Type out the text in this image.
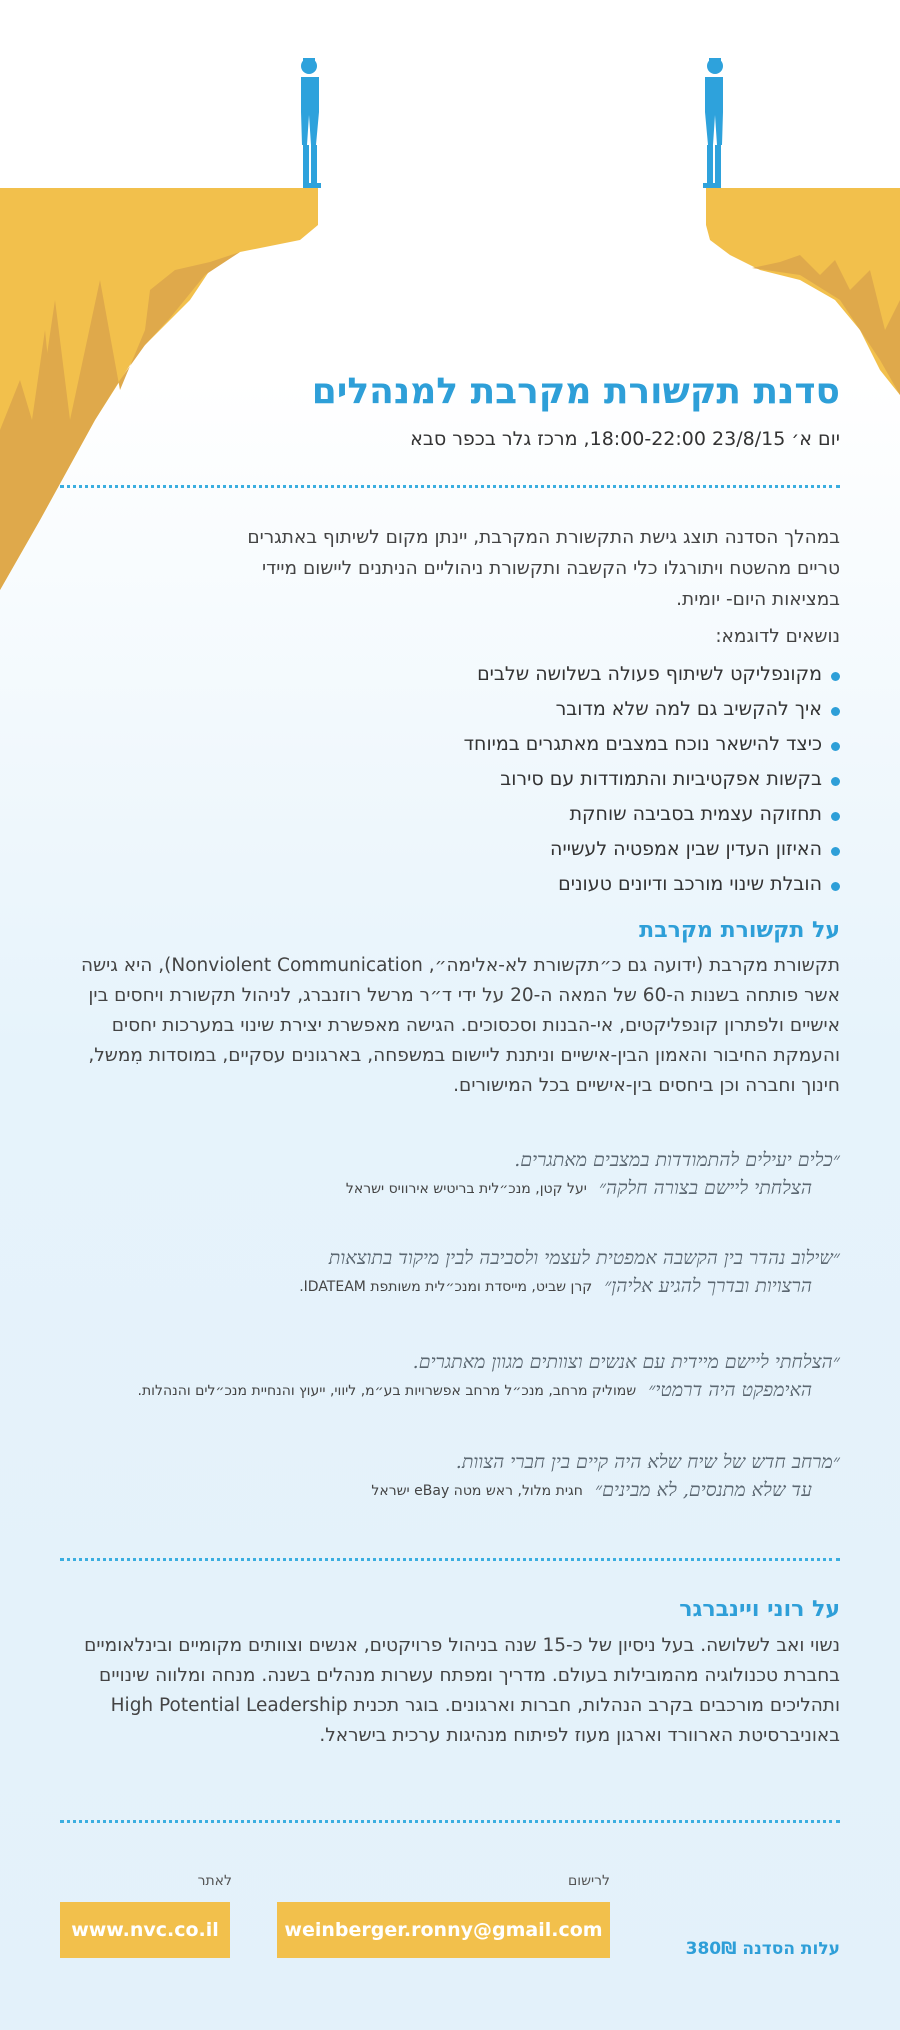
סדנת תקשורת מקרבת למנהלים
יום א׳ 23/8/15 18:00-22:00, מרכז גלר בכפר סבא
במהלך הסדנה תוצג גישת התקשורת המקרבת, יינתן מקום לשיתוף באתגרים טריים מהשטח ויתורגלו כלי הקשבה ותקשורת ניהוליים הניתנים ליישום מיידי במציאות היום- יומית.
נושאים לדוגמא:
מקונפליקט לשיתוף פעולה בשלושה שלבים
איך להקשיב גם למה שלא מדובר
כיצד להישאר נוכח במצבים מאתגרים במיוחד
בקשות אפקטיביות והתמודדות עם סירוב
תחזוקה עצמית בסביבה שוחקת
האיזון העדין שבין אמפטיה לעשייה
הובלת שינוי מורכב ודיונים טעונים
על תקשורת מקרבת
תקשורת מקרבת (ידועה גם כ״תקשורת לא-אלימה״, Nonviolent Communication), היא גישה אשר פותחה בשנות ה-60 של המאה ה-20 על ידי ד״ר מרשל רוזנברג, לניהול תקשורת ויחסים בין אישיים ולפתרון קונפליקטים, אי-הבנות וסכסוכים. הגישה מאפשרת יצירת שינוי במערכות יחסים והעמקת החיבור והאמון הבין-אישיים וניתנת ליישום במשפחה, בארגונים עסקיים, במוסדות מִמשל, חינוך וחברה וכן ביחסים בין-אישיים בכל המישורים.
״כלים יעילים להתמודדות במצבים מאתגרים.
הצלחתי ליישם בצורה חלקה״
יעל קטן, מנכ״לית בריטיש אירוויס ישראל
״שילוב נהדר בין הקשבה אמפטית לעצמי ולסביבה לבין מיקוד בתוצאות
הרצויות ובדרך להגיע אליהן״
קרן שביט, מייסדת ומנכ״לית משותפת IDATEAM.
״הצלחתי ליישם מיידית עם אנשים וצוותים מגוון מאתגרים.
האימפקט היה דרמטי״
שמוליק מרחב, מנכ״ל מרחב אפשרויות בע״מ, ליווי, ייעוץ והנחיית מנכ״לים והנהלות.
״מרחב חדש של שיח שלא היה קיים בין חברי הצוות.
עד שלא מתנסים, לא מבינים״
חגית מלול, ראש מטה eBay ישראל
על רוני ויינברגר
נשוי ואב לשלושה. בעל ניסיון של כ-15 שנה בניהול פרויקטים, אנשים וצוותים מקומיים ובינלאומיים בחברת טכנולוגיה מהמובילות בעולם. מדריך ומפתח עשרות מנהלים בשנה. מנחה ומלווה שינויים ותהליכים מורכבים בקרב הנהלות, חברות וארגונים. בוגר תכנית High Potential Leadership באוניברסיטת הארוורד וארגון מעוז לפיתוח מנהיגות ערכית בישראל.
לרישום
לאתר
weinberger.ronny@gmail.com
www.nvc.co.il
עלות הסדנה 380₪
